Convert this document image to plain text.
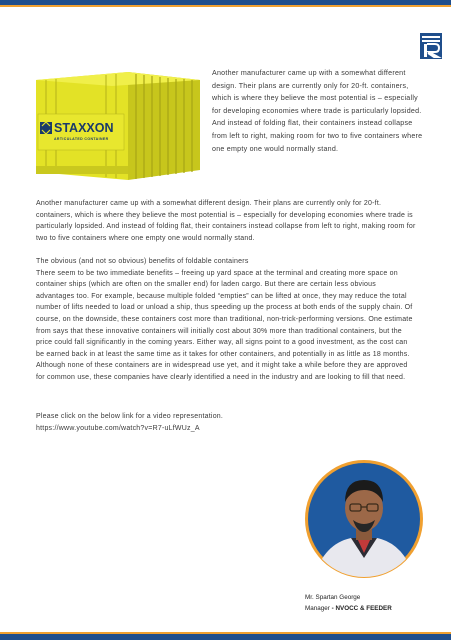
STAXXON
ARTICULATED CONTAINER

Another manufacturer came up with a somewhat different design. Their plans are currently only for 20-ft. containers, which is where they believe the most potential is – especially for developing economies where trade is particularly lopsided. And instead of folding flat, their containers instead collapse from left to right, making room for two to five containers where one empty one would normally stand.

Another manufacturer came up with a somewhat different design. Their plans are currently only for 20-ft. containers, which is where they believe the most potential is – especially for developing economies where trade is particularly lopsided. And instead of folding flat, their containers instead collapse from left to right, making room for two to five containers where one empty one would normally stand.

The obvious (and not so obvious) benefits of foldable containers
There seem to be two immediate benefits – freeing up yard space at the terminal and creating more space on container ships (which are often on the smaller end) for laden cargo. But there are certain less obvious advantages too. For example, because multiple folded “empties” can be lifted at once, they may reduce the total number of lifts needed to load or unload a ship, thus speeding up the process at both ends of the supply chain. Of course, on the downside, these containers cost more than traditional, non-trick-performing versions. One estimate from says that these innovative containers will initially cost about 30% more than traditional containers, but the price could fall significantly in the coming years. Either way, all signs point to a good investment, as the cost can be earned back in at least the same time as it takes for other containers, and potentially in as little as 18 months.
Although none of these containers are in widespread use yet, and it might take a while before they are approved for common use, these companies have clearly identified a need in the industry and are looking to fill that need.
Please click on the below link for a video representation.
https://www.youtube.com/watch?v=R7-uLfWUz_A

Mr. Spartan George
Manager - NVOCC & FEEDER
